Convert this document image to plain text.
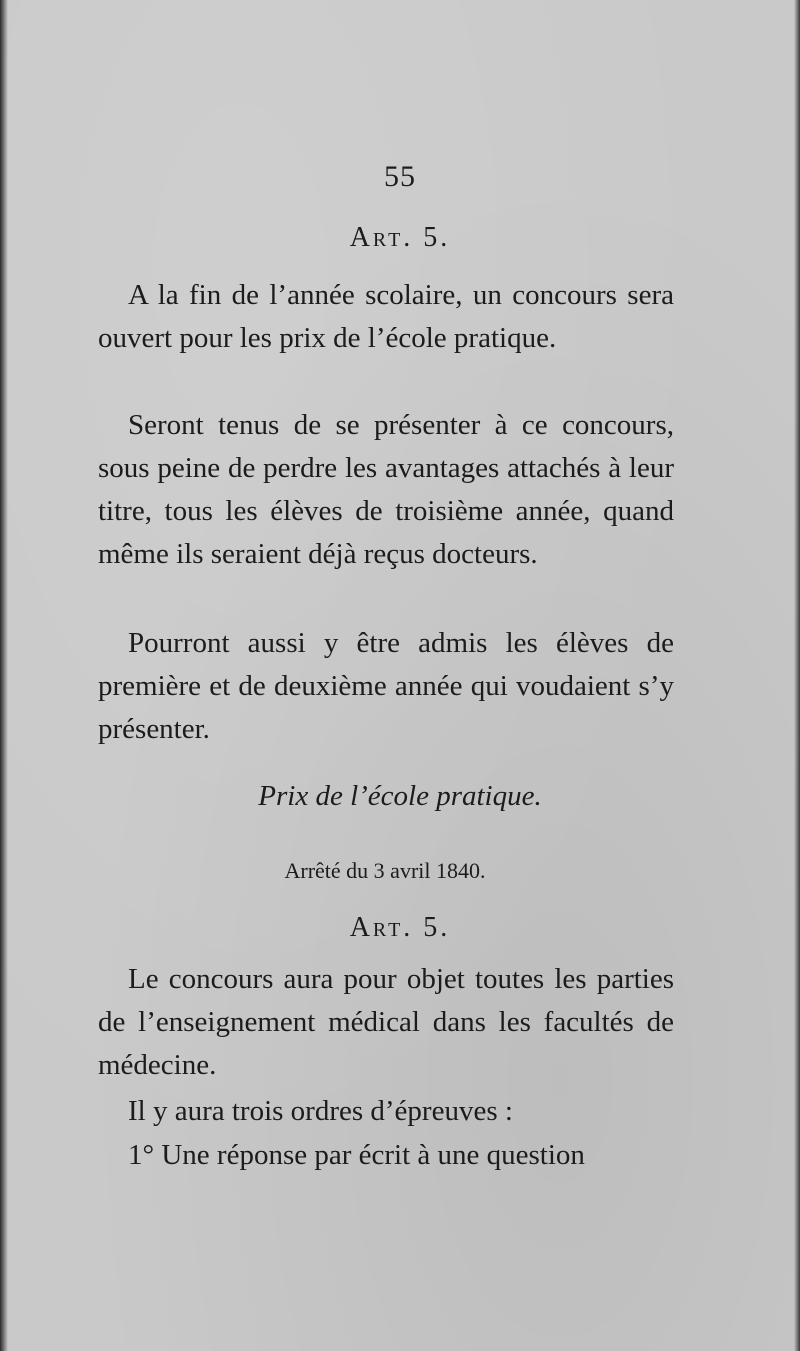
55
Art. 5.

A la fin de l’année scolaire, un concours sera ouvert pour les prix de l’école pratique.

Seront tenus de se présenter à ce concours, sous peine de perdre les avantages attachés à leur titre, tous les élèves de troisième année, quand même ils seraient déjà reçus docteurs.

Pourront aussi y être admis les élèves de première et de deuxième année qui voudaient s’y présenter.

Prix de l’école pratique.
Arrêté du 3 avril 1840.
Art. 5.

Le concours aura pour objet toutes les parties de l’enseignement médical dans les facultés de médecine.

Il y aura trois ordres d’épreuves :

1° Une réponse par écrit à une question
